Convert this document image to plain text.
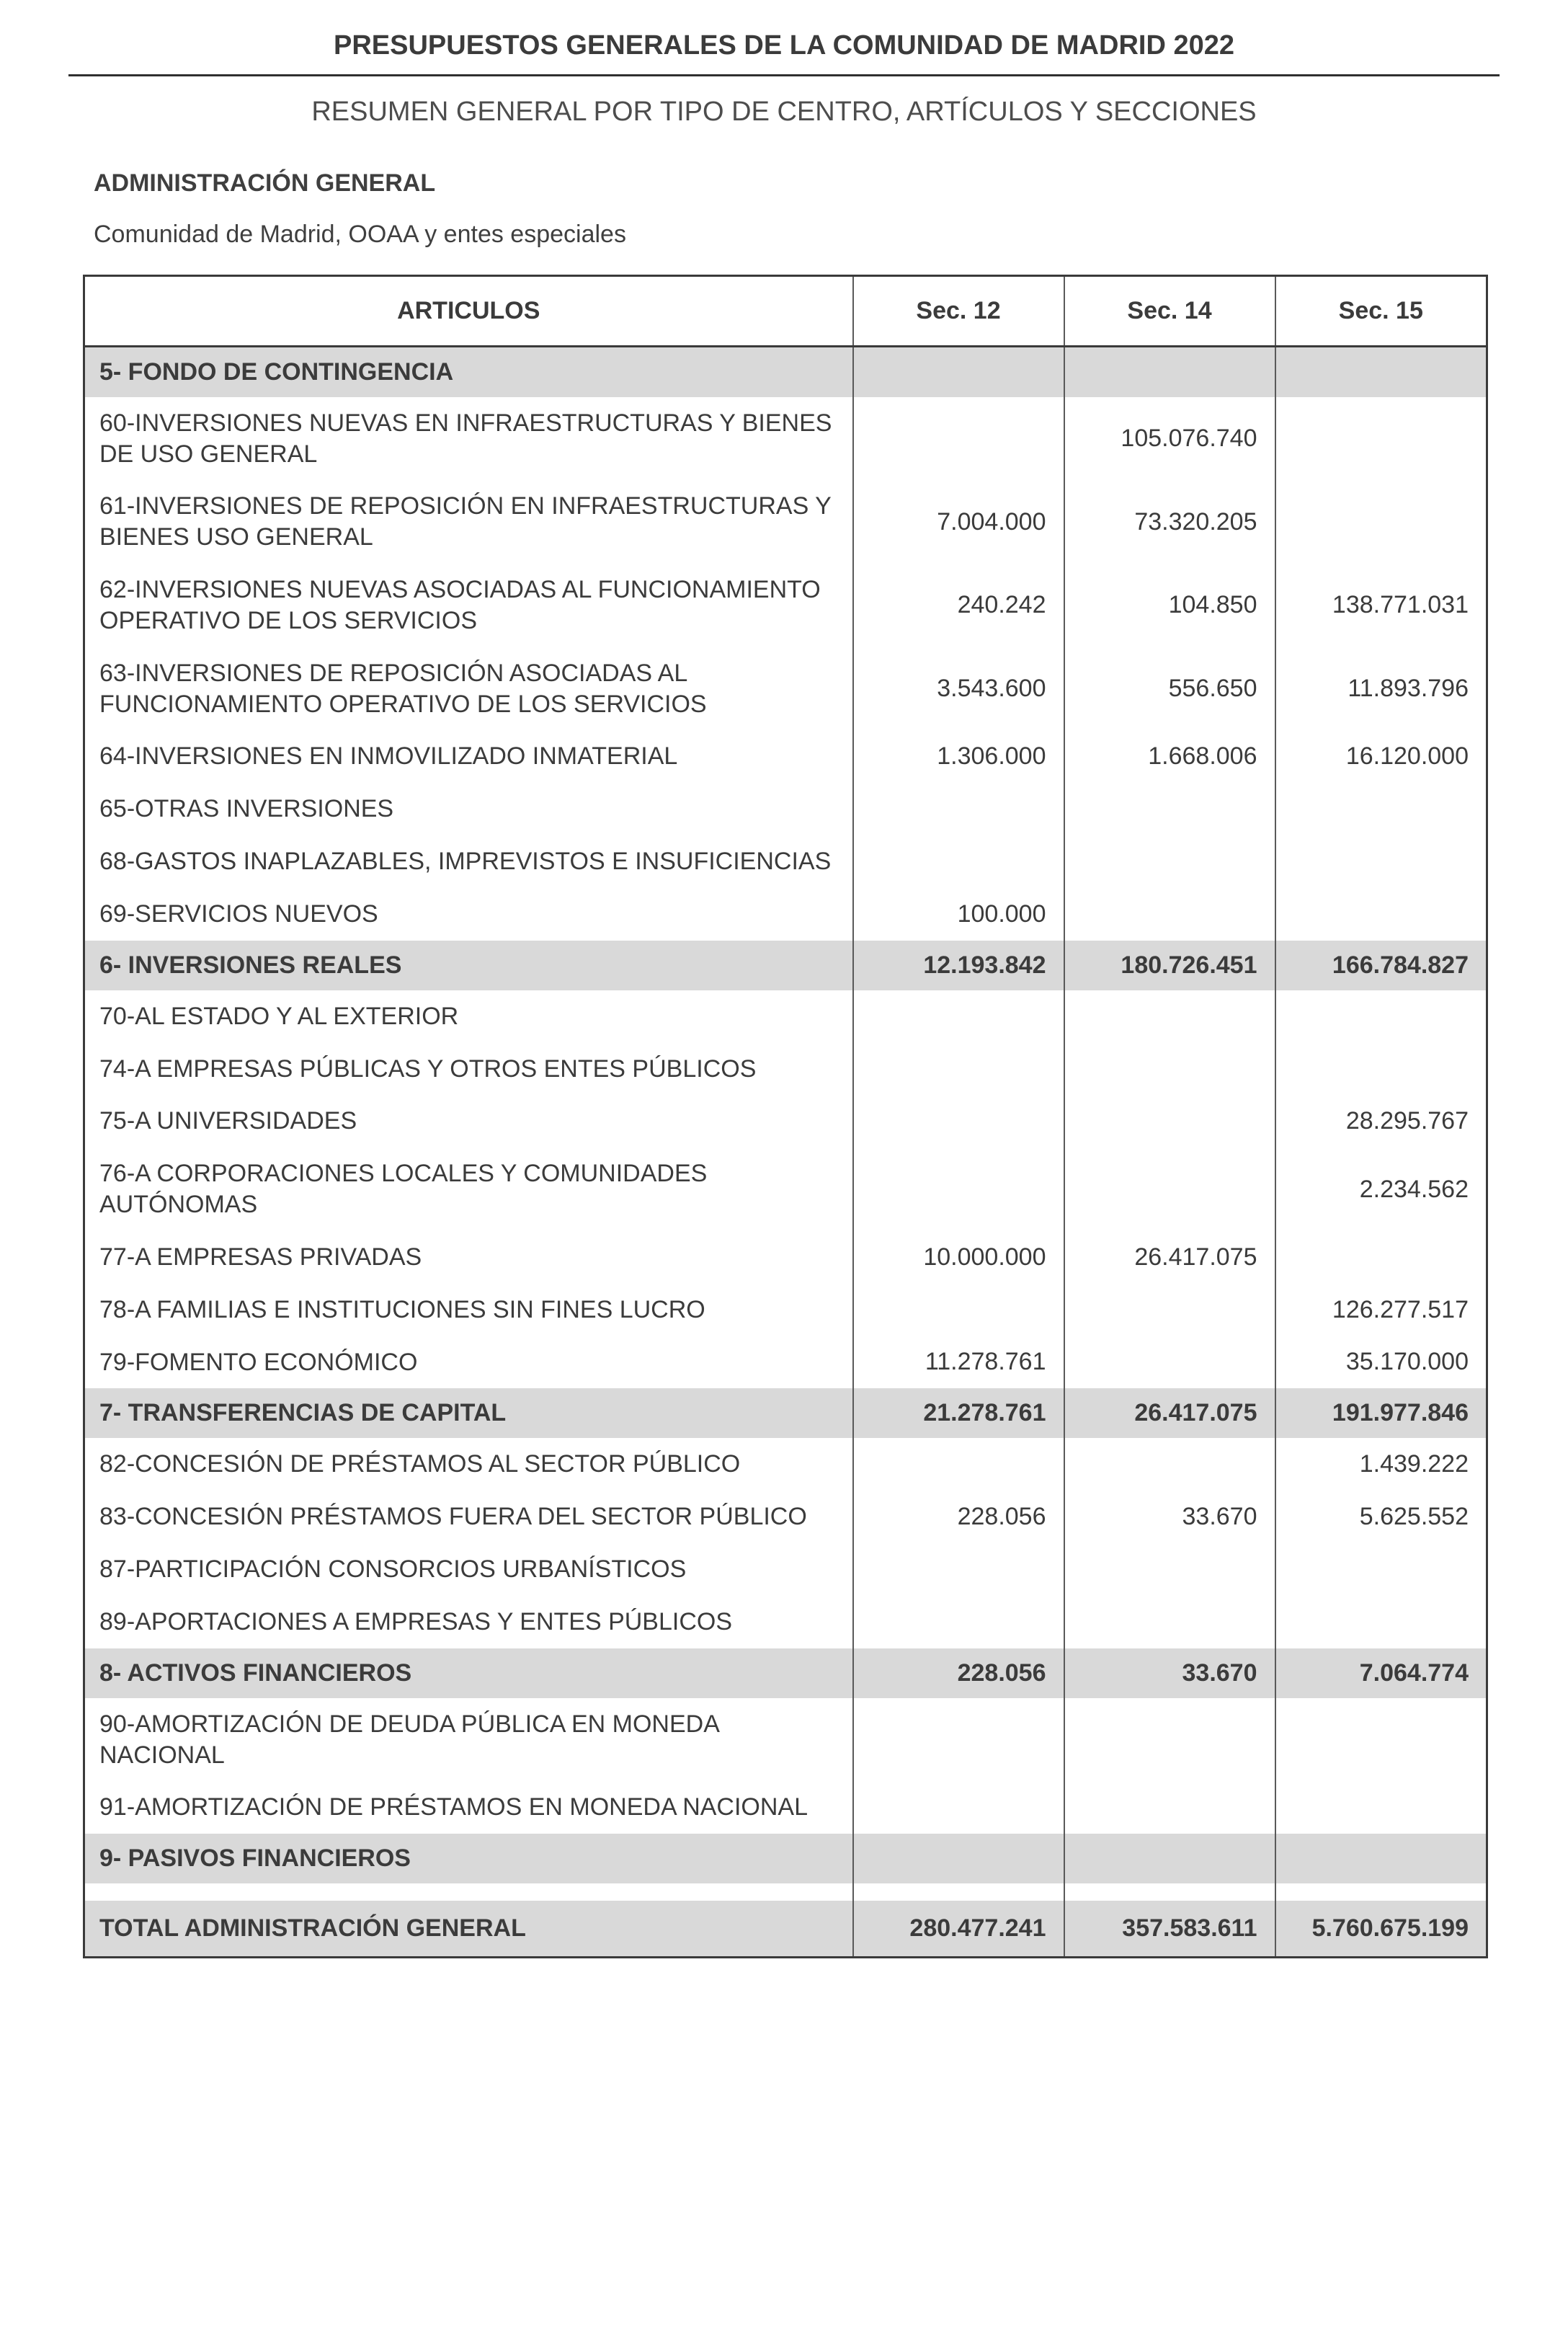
PRESUPUESTOS GENERALES DE LA COMUNIDAD DE MADRID 2022
RESUMEN GENERAL POR TIPO DE CENTRO, ARTÍCULOS Y SECCIONES
ADMINISTRACIÓN GENERAL
Comunidad de Madrid, OOAA y entes especiales
ARTICULOS	Sec. 12	Sec. 14	Sec. 15
5- FONDO DE CONTINGENCIA			
60-INVERSIONES NUEVAS EN INFRAESTRUCTURAS Y BIENES DE USO GENERAL		105.076.740	
61-INVERSIONES DE REPOSICIÓN EN INFRAESTRUCTURAS Y BIENES USO GENERAL	7.004.000	73.320.205	
62-INVERSIONES NUEVAS ASOCIADAS AL FUNCIONAMIENTO OPERATIVO DE LOS SERVICIOS	240.242	104.850	138.771.031
63-INVERSIONES DE REPOSICIÓN ASOCIADAS AL FUNCIONAMIENTO OPERATIVO DE LOS SERVICIOS	3.543.600	556.650	11.893.796
64-INVERSIONES EN INMOVILIZADO INMATERIAL	1.306.000	1.668.006	16.120.000
65-OTRAS INVERSIONES			
68-GASTOS INAPLAZABLES, IMPREVISTOS E INSUFICIENCIAS			
69-SERVICIOS NUEVOS	100.000		
6- INVERSIONES REALES	12.193.842	180.726.451	166.784.827
70-AL ESTADO Y AL EXTERIOR			
74-A EMPRESAS PÚBLICAS Y OTROS ENTES PÚBLICOS			
75-A UNIVERSIDADES			28.295.767
76-A CORPORACIONES LOCALES Y COMUNIDADES AUTÓNOMAS			2.234.562
77-A EMPRESAS PRIVADAS	10.000.000	26.417.075	
78-A FAMILIAS E INSTITUCIONES SIN FINES LUCRO			126.277.517
79-FOMENTO ECONÓMICO	11.278.761		35.170.000
7- TRANSFERENCIAS DE CAPITAL	21.278.761	26.417.075	191.977.846
82-CONCESIÓN DE PRÉSTAMOS AL SECTOR PÚBLICO			1.439.222
83-CONCESIÓN PRÉSTAMOS FUERA DEL SECTOR PÚBLICO	228.056	33.670	5.625.552
87-PARTICIPACIÓN CONSORCIOS URBANÍSTICOS			
89-APORTACIONES A EMPRESAS Y ENTES PÚBLICOS			
8- ACTIVOS FINANCIEROS	228.056	33.670	7.064.774
90-AMORTIZACIÓN DE DEUDA PÚBLICA EN MONEDA NACIONAL			
91-AMORTIZACIÓN DE PRÉSTAMOS EN MONEDA NACIONAL			
9- PASIVOS FINANCIEROS			

TOTAL ADMINISTRACIÓN GENERAL	280.477.241	357.583.611	5.760.675.199
